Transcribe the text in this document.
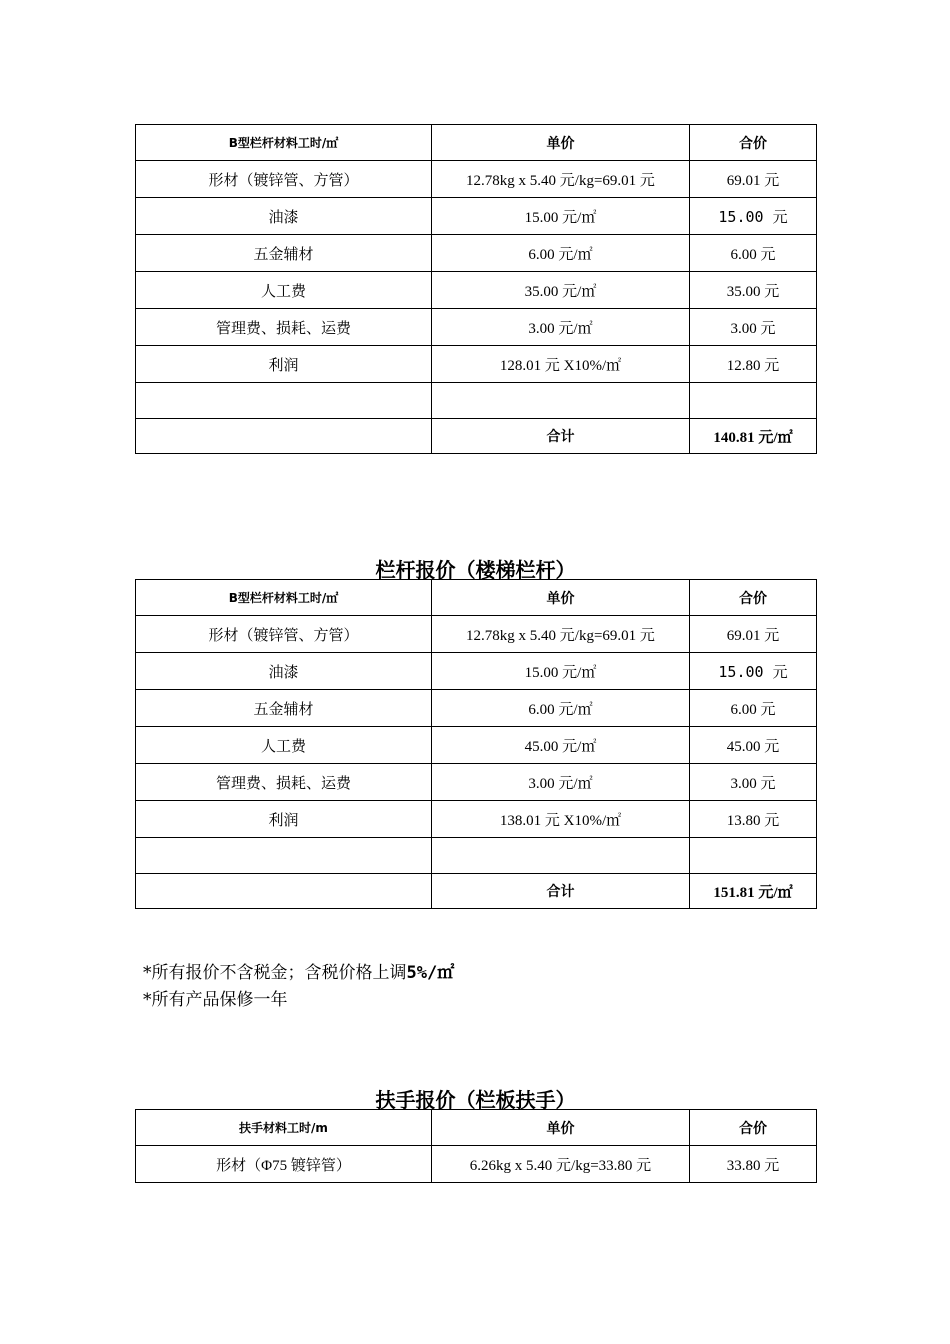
B型栏杆材料工时/㎡	单价	合价
形材（镀锌管、方管）	12.78kg x 5.40 元/kg=69.01 元	69.01 元
油漆	15.00 元/㎡	15.00 元
五金辅材	6.00 元/㎡	6.00 元
人工费	35.00 元/㎡	35.00 元
管理费、损耗、运费	3.00 元/㎡	3.00 元
利润	128.01 元 X10%/㎡	12.80 元

	合计	140.81 元/㎡
栏杆报价（楼梯栏杆）
B型栏杆材料工时/㎡	单价	合价
形材（镀锌管、方管）	12.78kg x 5.40 元/kg=69.01 元	69.01 元
油漆	15.00 元/㎡	15.00 元
五金辅材	6.00 元/㎡	6.00 元
人工费	45.00 元/㎡	45.00 元
管理费、损耗、运费	3.00 元/㎡	3.00 元
利润	138.01 元 X10%/㎡	13.80 元

	合计	151.81 元/㎡
*所有报价不含税金；含税价格上调5%/㎡
*所有产品保修一年
扶手报价（栏板扶手）
扶手材料工时/m	单价	合价
形材（Φ75 镀锌管）	6.26kg x 5.40 元/kg=33.80 元	33.80 元
